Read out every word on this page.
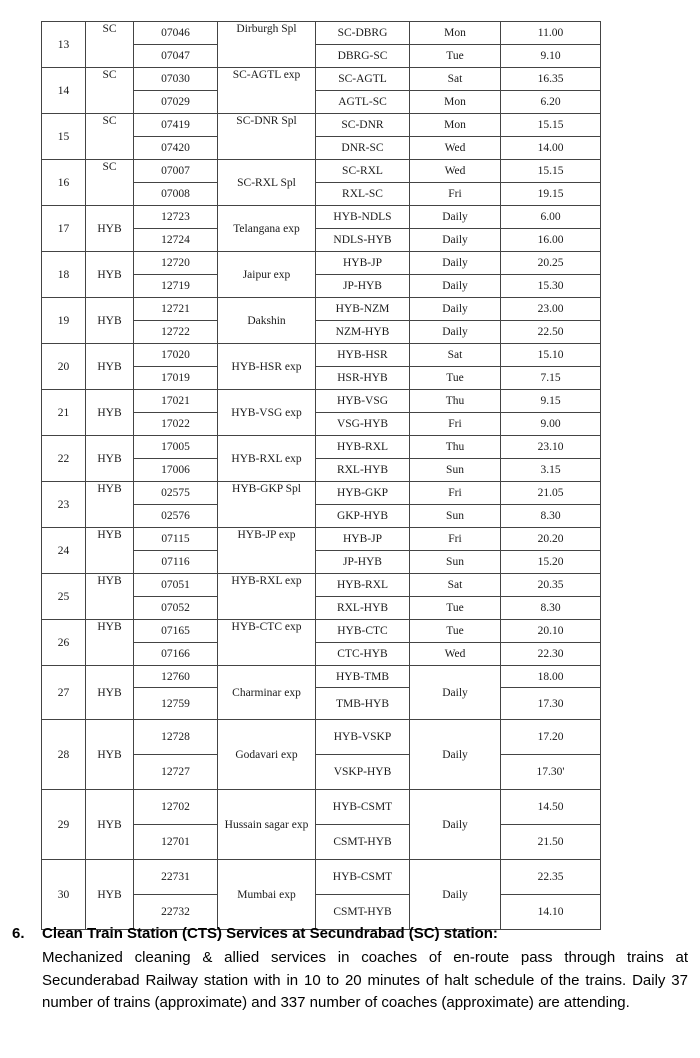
13	SC	07046	Dirburgh Spl	SC-DBRG	Mon	11.00
		07047		DBRG-SC	Tue	9.10
14	SC	07030	SC-AGTL exp	SC-AGTL	Sat	16.35
		07029		AGTL-SC	Mon	6.20
15	SC	07419	SC-DNR Spl	SC-DNR	Mon	15.15
		07420		DNR-SC	Wed	14.00
16	SC	07007	SC-RXL Spl	SC-RXL	Wed	15.15
		07008		RXL-SC	Fri	19.15
17	HYB	12723	Telangana exp	HYB-NDLS	Daily	6.00
		12724		NDLS-HYB	Daily	16.00
18	HYB	12720	Jaipur exp	HYB-JP	Daily	20.25
		12719		JP-HYB	Daily	15.30
19	HYB	12721	Dakshin	HYB-NZM	Daily	23.00
		12722		NZM-HYB	Daily	22.50
20	HYB	17020	HYB-HSR exp	HYB-HSR	Sat	15.10
		17019		HSR-HYB	Tue	7.15
21	HYB	17021	HYB-VSG exp	HYB-VSG	Thu	9.15
		17022		VSG-HYB	Fri	9.00
22	HYB	17005	HYB-RXL exp	HYB-RXL	Thu	23.10
		17006		RXL-HYB	Sun	3.15
23	HYB	02575	HYB-GKP Spl	HYB-GKP	Fri	21.05
		02576		GKP-HYB	Sun	8.30
24	HYB	07115	HYB-JP exp	HYB-JP	Fri	20.20
		07116		JP-HYB	Sun	15.20
25	HYB	07051	HYB-RXL exp	HYB-RXL	Sat	20.35
		07052		RXL-HYB	Tue	8.30
26	HYB	07165	HYB-CTC exp	HYB-CTC	Tue	20.10
		07166		CTC-HYB	Wed	22.30
27	HYB	12760	Charminar exp	HYB-TMB	Daily	18.00
		12759		TMB-HYB		17.30
28	HYB	12728	Godavari exp	HYB-VSKP	Daily	17.20
		12727		VSKP-HYB		17.30'
29	HYB	12702	Hussain sagar exp	HYB-CSMT	Daily	14.50
		12701		CSMT-HYB		21.50
30	HYB	22731	Mumbai exp	HYB-CSMT	Daily	22.35
		22732		CSMT-HYB		14.10
6. Clean Train Station (CTS) Services at Secundrabad (SC) station:
Mechanized cleaning & allied services in coaches of en-route pass through trains at Secunderabad Railway station with in 10 to 20 minutes of halt schedule of the trains. Daily 37 number of trains (approximate) and 337 number of coaches (approximate) are attending.
